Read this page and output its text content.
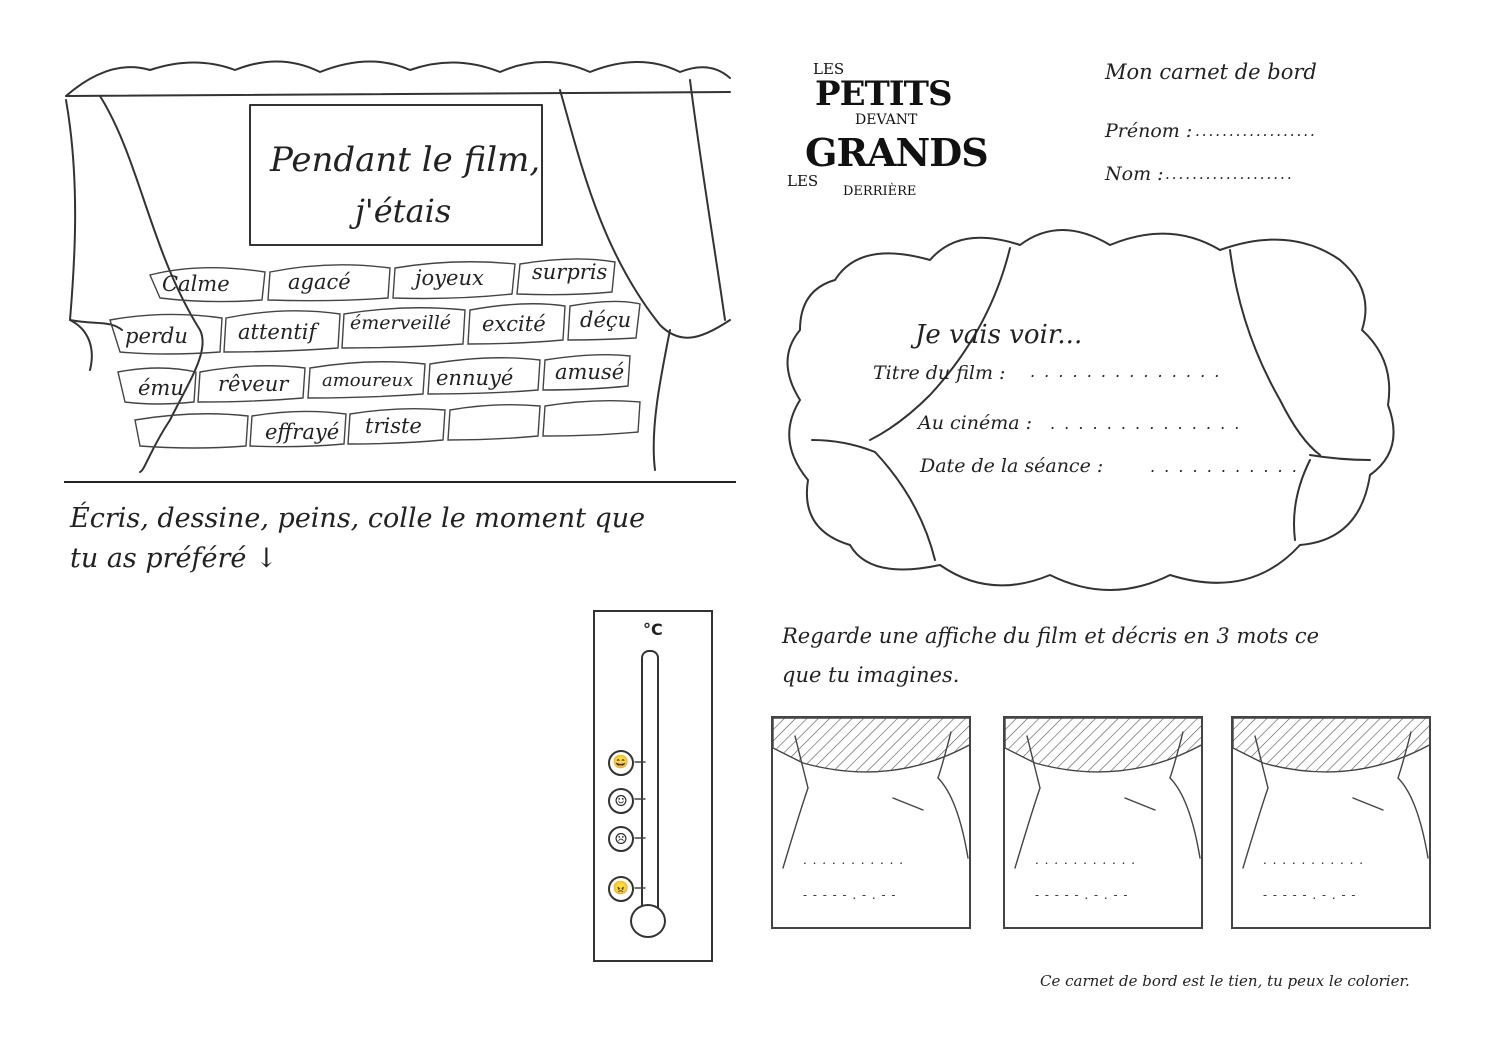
Pendant le film,
j'étais
Calme	agacé	joyeux surpris
perdu attentif émerveillé excité déçu
ému rêveur amoureux ennuyé amusé
effrayé triste
Écris, dessine, peins, colle le moment que
tu as préféré ↓
°C
😄
☺
☹
😠
LES
PETITS
DEVANT
GRANDS
LES
DERRIÈRE
Mon carnet de bord
Prénom : ..................
Nom : ...................
Je vais voir...
Titre du film : . . . . . . . . . . . . . .
Au cinéma : . . . . . . . . . . . . . .
Date de la séance :	. . . . . . . . . . .
Regarde une affiche du film et décris en 3 mots ce
que tu imagines.
. . . . . . . . . . .
- - - - - . - . - -
. . . . . . . . . . .
- - - - - . - . - -
. . . . . . . . . . .
- - - - - . - . - -
Ce carnet de bord est le tien, tu peux le colorier.
